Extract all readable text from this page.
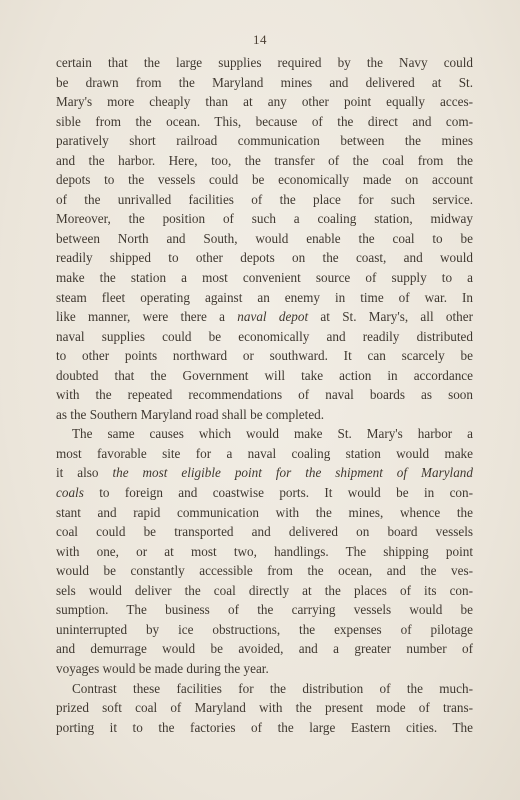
14
certain that the large supplies required by the Navy could
be drawn from the Maryland mines and delivered at St.
Mary's more cheaply than at any other point equally acces-
sible from the ocean. This, because of the direct and com-
paratively short railroad communication between the mines
and the harbor. Here, too, the transfer of the coal from the
depots to the vessels could be economically made on account
of the unrivalled facilities of the place for such service.
Moreover, the position of such a coaling station, midway
between North and South, would enable the coal to be
readily shipped to other depots on the coast, and would
make the station a most convenient source of supply to a
steam fleet operating against an enemy in time of war. In
like manner, were there a naval depot at St. Mary's, all other
naval supplies could be economically and readily distributed
to other points northward or southward. It can scarcely be
doubted that the Government will take action in accordance
with the repeated recommendations of naval boards as soon
as the Southern Maryland road shall be completed.
The same causes which would make St. Mary's harbor a
most favorable site for a naval coaling station would make
it also the most eligible point for the shipment of Maryland
coals to foreign and coastwise ports. It would be in con-
stant and rapid communication with the mines, whence the
coal could be transported and delivered on board vessels
with one, or at most two, handlings. The shipping point
would be constantly accessible from the ocean, and the ves-
sels would deliver the coal directly at the places of its con-
sumption. The business of the carrying vessels would be
uninterrupted by ice obstructions, the expenses of pilotage
and demurrage would be avoided, and a greater number of
voyages would be made during the year.
Contrast these facilities for the distribution of the much-
prized soft coal of Maryland with the present mode of trans-
porting it to the factories of the large Eastern cities. The
